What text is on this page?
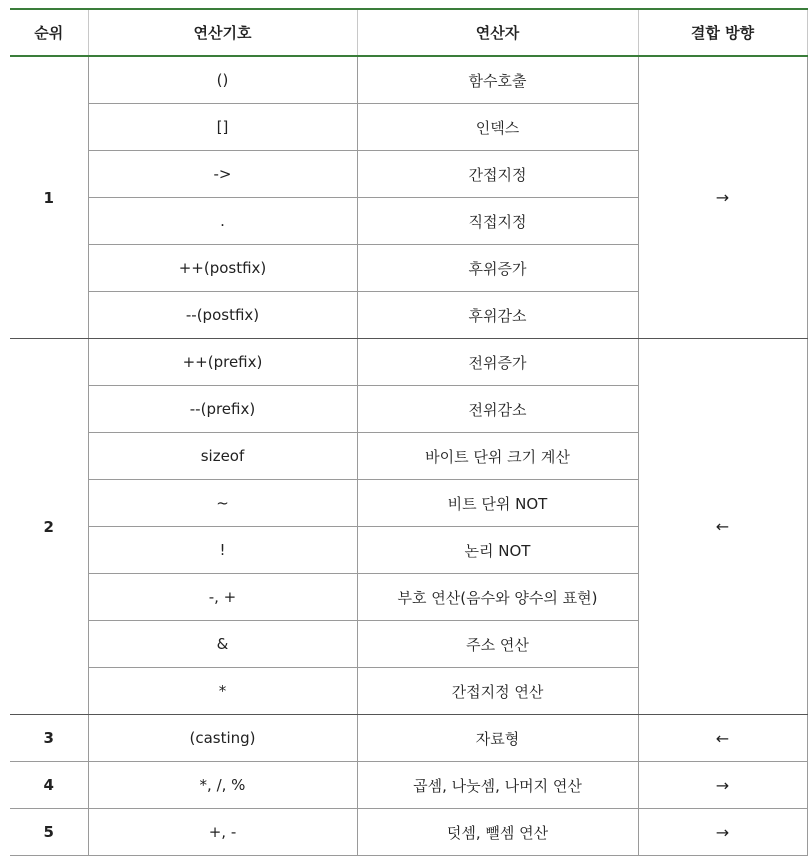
순위	연산기호	연산자	결합 방향
1	()	함수호출	→
	[]	인덱스	
	->	간접지정	
	.	직접지정	
	++(postfix)	후위증가	
	--(postfix)	후위감소	
2	++(prefix)	전위증가	←
	--(prefix)	전위감소	
	sizeof	바이트 단위 크기 계산	
	~	비트 단위 NOT	
	!	논리 NOT	
	-, +	부호 연산(음수와 양수의 표현)	
	&	주소 연산	
	*	간접지정 연산	
3	(casting)	자료형	←
4	*, /, %	곱셈, 나눗셈, 나머지 연산	→
5	+, -	덧셈, 뺄셈 연산	→
